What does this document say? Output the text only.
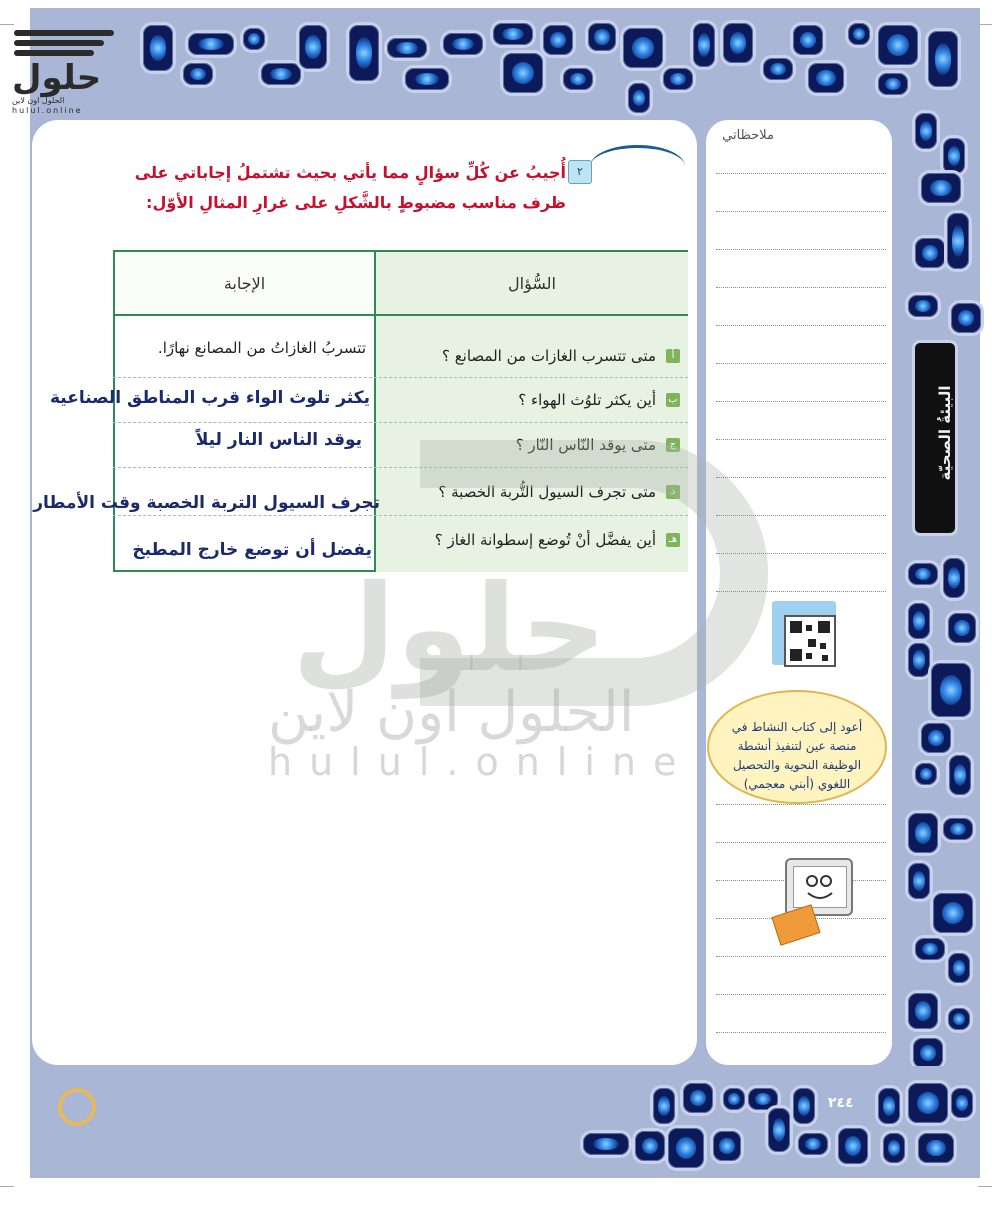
حلول
الحلول اون لاين
hulul.online
٢
أُجيبُ عن كُلِّ سؤالٍ مما يأتي بحيث تشتملُ إجاباتي على ظرف مناسب مضبوطٍ بالشَّكلِ على غرارِ المثالِ الأوّل:
الإجابة	السُّؤال
أ
متى تتسرب الغازات من المصانع ؟
ب
أين يكثر تلوُث الهواء ؟
ج
متى يوقد النّاس النّار ؟
د
متى تجرف السيول التُّربة الخصبة ؟
هـ
أين يفضَّل أنْ تُوضع إسطوانة الغاز ؟
تتسربُ الغازاتُ من المصانع نهارًا.
حلول
الحلول اون لاين
hulul.online
يكثر تلوث الواء قرب المناطق الصناعية
يوقد الناس النار ليلاً
تجرف السيول التربة الخصبة وقت الأمطار
يفضل أن توضع خارج المطبخ
ملاحظاتي
البيئةُ الصحيّة
أعود إلى كتاب النشاط في منصة عين لتنفيذ أنشطة الوظيفة النحوية والتحصيل اللغوي (أبني معجمي)
٢٤٤
